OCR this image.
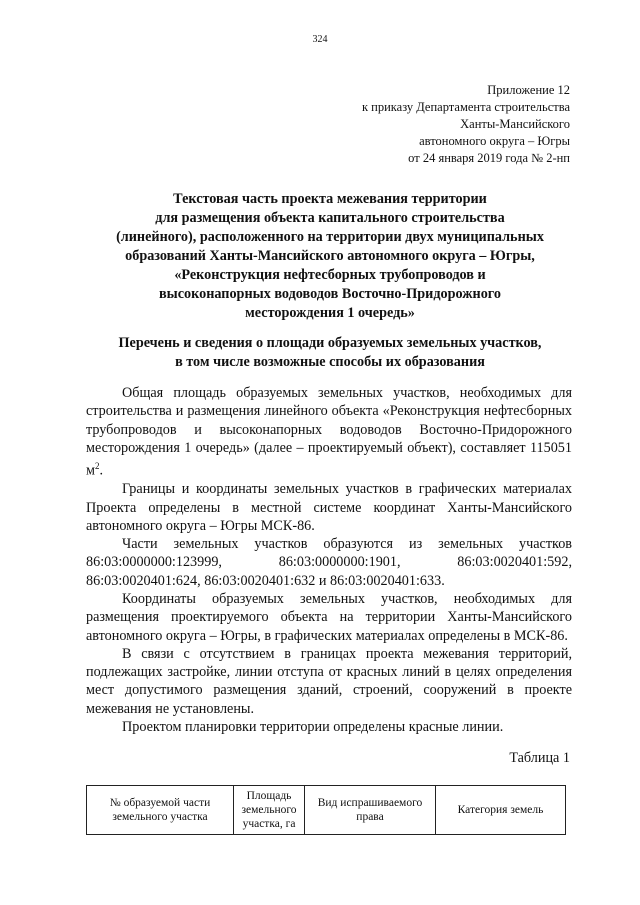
324
Приложение 12
к приказу Департамента строительства
Ханты-Мансийского
автономного округа – Югры
от 24 января 2019 года № 2-нп
Текстовая часть проекта межевания территории
для размещения объекта капитального строительства
(линейного), расположенного на территории двух муниципальных
образований Ханты-Мансийского автономного округа – Югры,
«Реконструкция нефтесборных трубопроводов и
высоконапорных водоводов Восточно-Придорожного
месторождения 1 очередь»
Перечень и сведения о площади образуемых земельных участков,
в том числе возможные способы их образования

Общая площадь образуемых земельных участков, необходимых для строительства и размещения линейного объекта «Реконструкция нефтесборных трубопроводов и высоконапорных водоводов Восточно-Придорожного месторождения 1 очередь» (далее – проектируемый объект), составляет 115051 $м^2$.

Границы и координаты земельных участков в графических материалах Проекта определены в местной системе координат Ханты-Мансийского автономного округа – Югры МСК-86.

Части земельных участков образуются из земельных участков 86:03:0000000:123999, 86:03:0000000:1901, 86:03:0020401:592, 86:03:0020401:624, 86:03:0020401:632 и 86:03:0020401:633.

Координаты образуемых земельных участков, необходимых для размещения проектируемого объекта на территории Ханты-Мансийского автономного округа – Югры, в графических материалах определены в МСК-86.

В связи с отсутствием в границах проекта межевания территорий, подлежащих застройке, линии отступа от красных линий в целях определения мест допустимого размещения зданий, строений, сооружений в проекте межевания не установлены.

Проектом планировки территории определены красные линии.

Таблица 1
№ образуемой части земельного участка	Площадь земельного участка, га	Вид испрашиваемого права	Категория земель
